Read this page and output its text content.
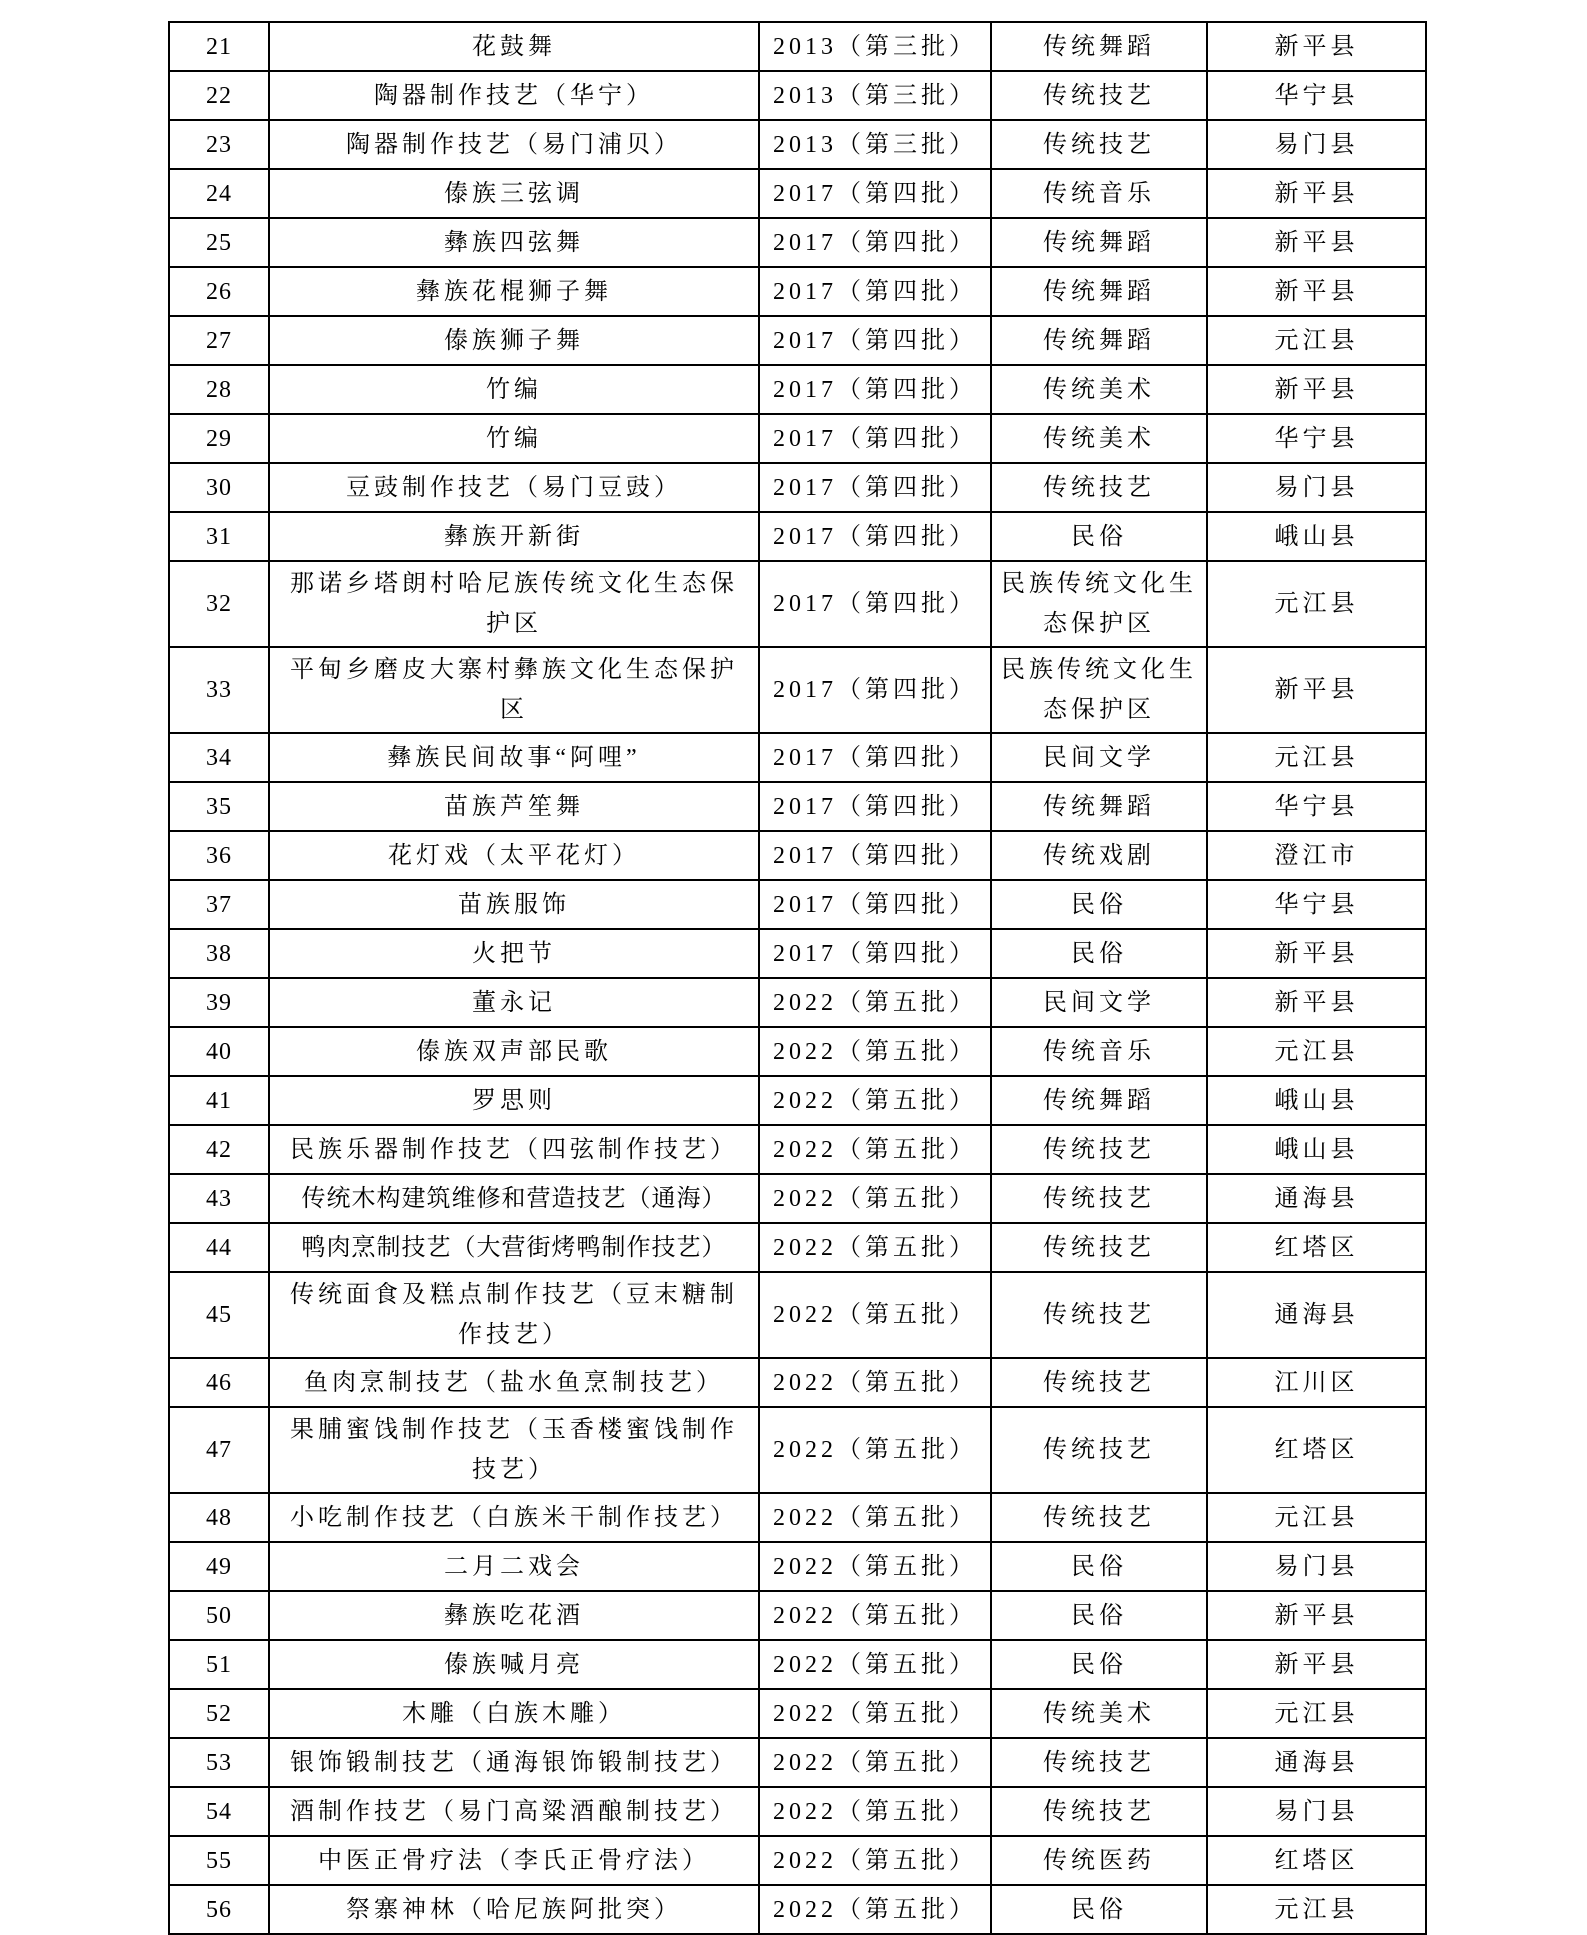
21	花鼓舞	2013（第三批）	传统舞蹈	新平县
22	陶器制作技艺（华宁）	2013（第三批）	传统技艺	华宁县
23	陶器制作技艺（易门浦贝）	2013（第三批）	传统技艺	易门县
24	傣族三弦调	2017（第四批）	传统音乐	新平县
25	彝族四弦舞	2017（第四批）	传统舞蹈	新平县
26	彝族花棍狮子舞	2017（第四批）	传统舞蹈	新平县
27	傣族狮子舞	2017（第四批）	传统舞蹈	元江县
28	竹编	2017（第四批）	传统美术	新平县
29	竹编	2017（第四批）	传统美术	华宁县
30	豆豉制作技艺（易门豆豉）	2017（第四批）	传统技艺	易门县
31	彝族开新街	2017（第四批）	民俗	峨山县
32	那诺乡塔朗村哈尼族传统文化生态保护区	2017（第四批）	民族传统文化生态保护区	元江县
33	平甸乡磨皮大寨村彝族文化生态保护区	2017（第四批）	民族传统文化生态保护区	新平县
34	彝族民间故事“阿哩”	2017（第四批）	民间文学	元江县
35	苗族芦笙舞	2017（第四批）	传统舞蹈	华宁县
36	花灯戏（太平花灯）	2017（第四批）	传统戏剧	澄江市
37	苗族服饰	2017（第四批）	民俗	华宁县
38	火把节	2017（第四批）	民俗	新平县
39	董永记	2022（第五批）	民间文学	新平县
40	傣族双声部民歌	2022（第五批）	传统音乐	元江县
41	罗思则	2022（第五批）	传统舞蹈	峨山县
42	民族乐器制作技艺（四弦制作技艺）	2022（第五批）	传统技艺	峨山县
43	传统木构建筑维修和营造技艺（通海）	2022（第五批）	传统技艺	通海县
44	鸭肉烹制技艺（大营街烤鸭制作技艺）	2022（第五批）	传统技艺	红塔区
45	传统面食及糕点制作技艺（豆末糖制作技艺）	2022（第五批）	传统技艺	通海县
46	鱼肉烹制技艺（盐水鱼烹制技艺）	2022（第五批）	传统技艺	江川区
47	果脯蜜饯制作技艺（玉香楼蜜饯制作技艺）	2022（第五批）	传统技艺	红塔区
48	小吃制作技艺（白族米干制作技艺）	2022（第五批）	传统技艺	元江县
49	二月二戏会	2022（第五批）	民俗	易门县
50	彝族吃花酒	2022（第五批）	民俗	新平县
51	傣族喊月亮	2022（第五批）	民俗	新平县
52	木雕（白族木雕）	2022（第五批）	传统美术	元江县
53	银饰锻制技艺（通海银饰锻制技艺）	2022（第五批）	传统技艺	通海县
54	酒制作技艺（易门高粱酒酿制技艺）	2022（第五批）	传统技艺	易门县
55	中医正骨疗法（李氏正骨疗法）	2022（第五批）	传统医药	红塔区
56	祭寨神林（哈尼族阿批突）	2022（第五批）	民俗	元江县
